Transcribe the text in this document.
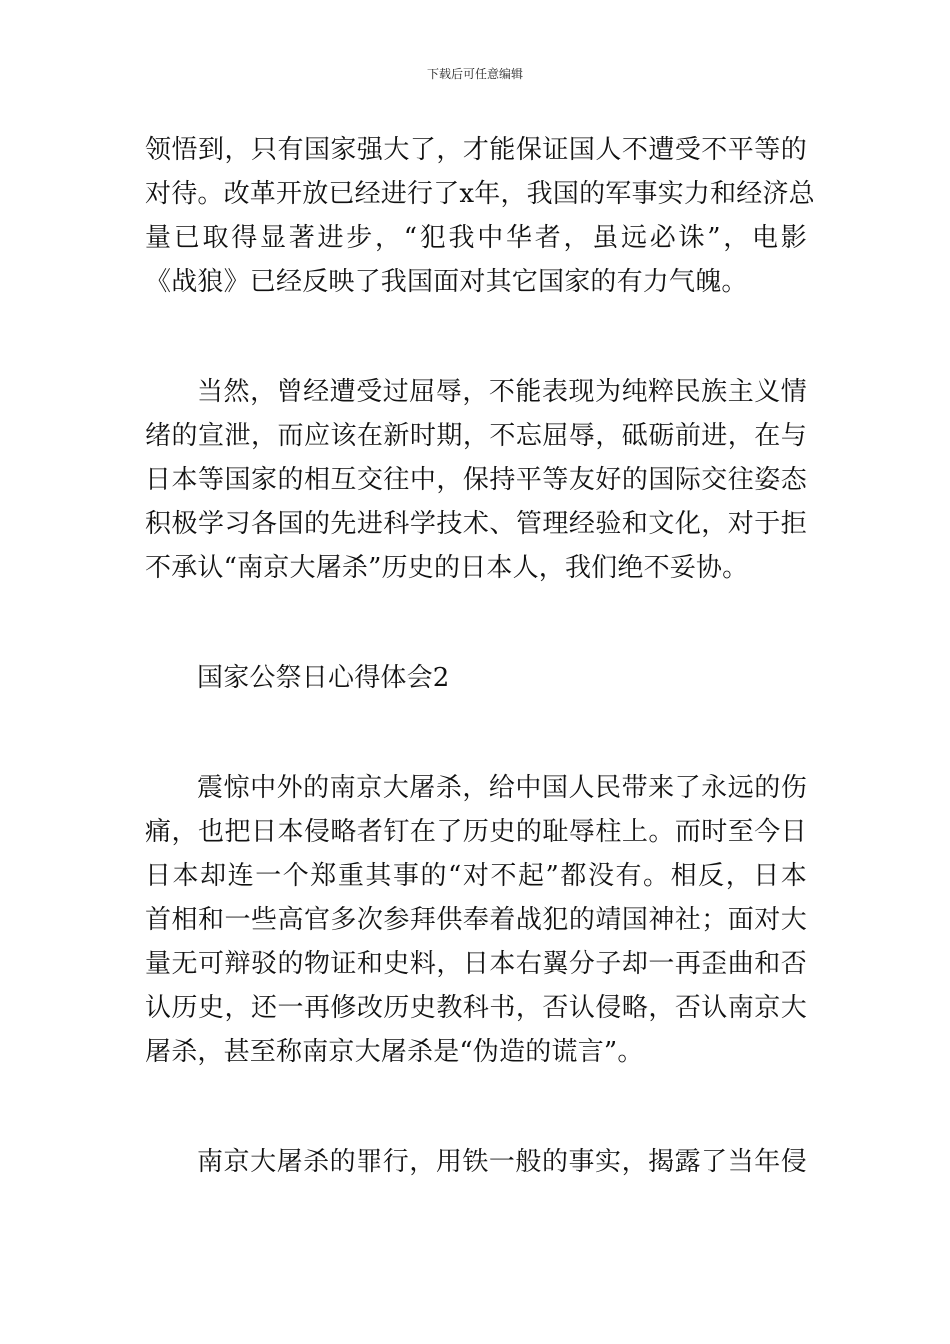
下载后可任意编辑
领悟到，只有国家强大了，才能保证国人不遭受不平等的
对待。改革开放已经进行了x年，我国的军事实力和经济总
量已取得显著进步，“犯我中华者，虽远必诛”，电影
《战狼》已经反映了我国面对其它国家的有力气魄。
当然，曾经遭受过屈辱，不能表现为纯粹民族主义情
绪的宣泄，而应该在新时期，不忘屈辱，砥砺前进，在与
日本等国家的相互交往中，保持平等友好的国际交往姿态
积极学习各国的先进科学技术、管理经验和文化，对于拒
不承认“南京大屠杀”历史的日本人，我们绝不妥协。
国家公祭日心得体会2
震惊中外的南京大屠杀，给中国人民带来了永远的伤
痛，也把日本侵略者钉在了历史的耻辱柱上。而时至今日
日本却连一个郑重其事的“对不起”都没有。相反，日本
首相和一些高官多次参拜供奉着战犯的靖国神社；面对大
量无可辩驳的物证和史料，日本右翼分子却一再歪曲和否
认历史，还一再修改历史教科书，否认侵略，否认南京大
屠杀，甚至称南京大屠杀是“伪造的谎言”。
南京大屠杀的罪行，用铁一般的事实，揭露了当年侵
